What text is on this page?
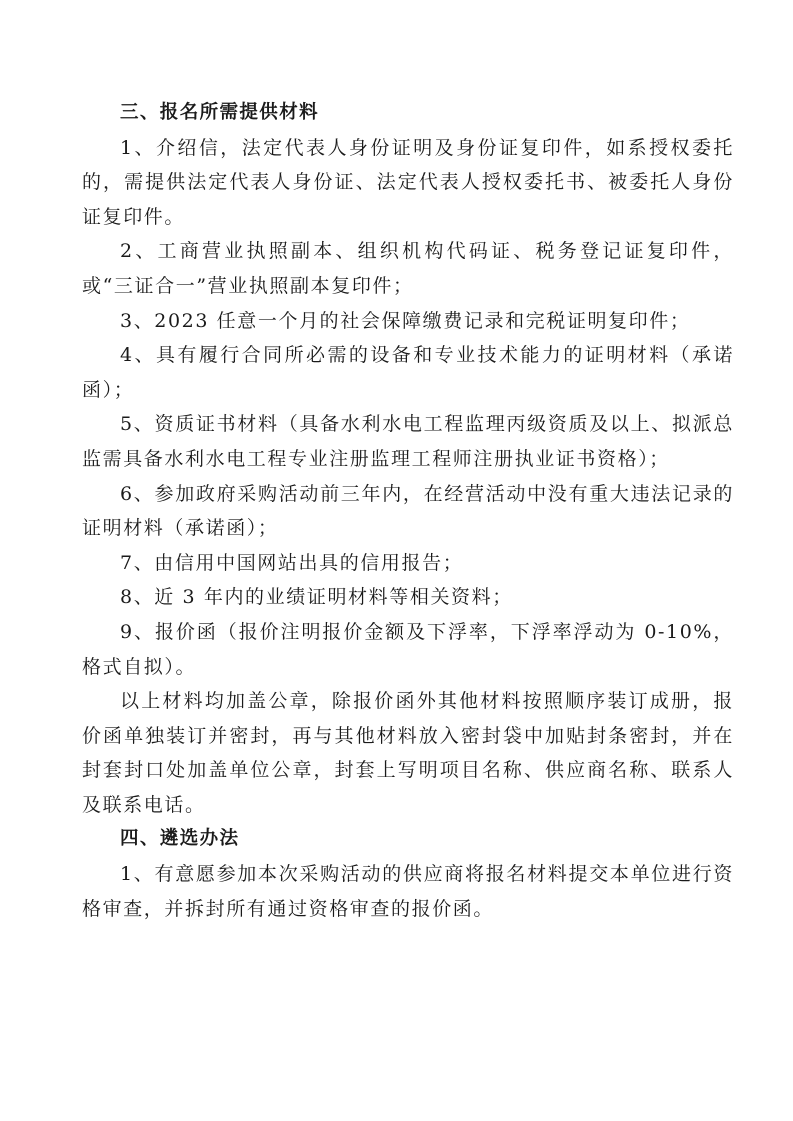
三、报名所需提供材料

1、介绍信，法定代表人身份证明及身份证复印件，如系授权委托的，需提供法定代表人身份证、法定代表人授权委托书、被委托人身份证复印件。

2、工商营业执照副本、组织机构代码证、税务登记证复印件，或“三证合一”营业执照副本复印件；

3、2023 任意一个月的社会保障缴费记录和完税证明复印件；

4、具有履行合同所必需的设备和专业技术能力的证明材料（承诺函）；

5、资质证书材料（具备水利水电工程监理丙级资质及以上、拟派总监需具备水利水电工程专业注册监理工程师注册执业证书资格）；

6、参加政府采购活动前三年内，在经营活动中没有重大违法记录的证明材料（承诺函）；

7、由信用中国网站出具的信用报告；

8、近 3 年内的业绩证明材料等相关资料；

9、报价函（报价注明报价金额及下浮率，下浮率浮动为 0-10%，格式自拟）。

以上材料均加盖公章，除报价函外其他材料按照顺序装订成册，报价函单独装订并密封，再与其他材料放入密封袋中加贴封条密封，并在封套封口处加盖单位公章，封套上写明项目名称、供应商名称、联系人及联系电话。

四、遴选办法

1、有意愿参加本次采购活动的供应商将报名材料提交本单位进行资格审查，并拆封所有通过资格审查的报价函。
